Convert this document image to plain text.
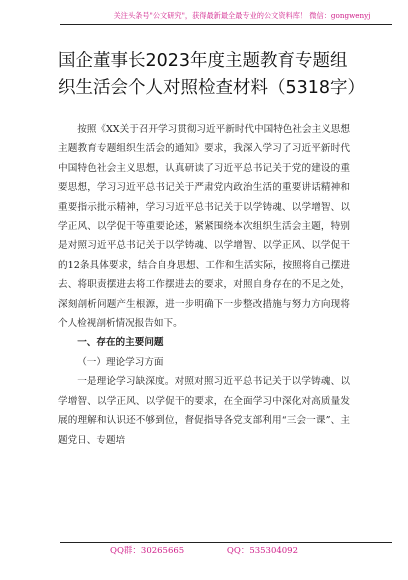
关注头条号"公文研究"，获得最新最全最专业的公文资料库！ 微信：gongwenyj
国企董事长2023年度主题教育专题组织生活会个人对照检查材料（5318字）

按照《XX关于召开学习贯彻习近平新时代中国特色社会主义思想主题教育专题组织生活会的通知》要求，我深入学习了习近平新时代中国特色社会主义思想，认真研读了习近平总书记关于党的建设的重要思想，学习习近平总书记关于严肃党内政治生活的重要讲话精神和重要指示批示精神，学习习近平总书记关于以学铸魂、以学增智、以学正风、以学促干等重要论述，紧紧围绕本次组织生活会主题，特别是对照习近平总书记关于以学铸魂、以学增智、以学正风、以学促干的12条具体要求，结合自身思想、工作和生活实际，按照将自己摆进去、将职责摆进去将工作摆进去的要求，对照自身存在的不足之处，深刻剖析问题产生根源，进一步明确下一步整改措施与努力方向现将个人检视剖析情况报告如下。

一、存在的主要问题
（一）理论学习方面

一是理论学习缺深度。对照对照习近平总书记关于以学铸魂、以学增智、以学正风、以学促干的要求，在全面学习中深化对高质量发展的理解和认识还不够到位，督促指导各党支部利用“三会一课”、主题党日、专题培

QQ群：30265665	QQ：535304092
